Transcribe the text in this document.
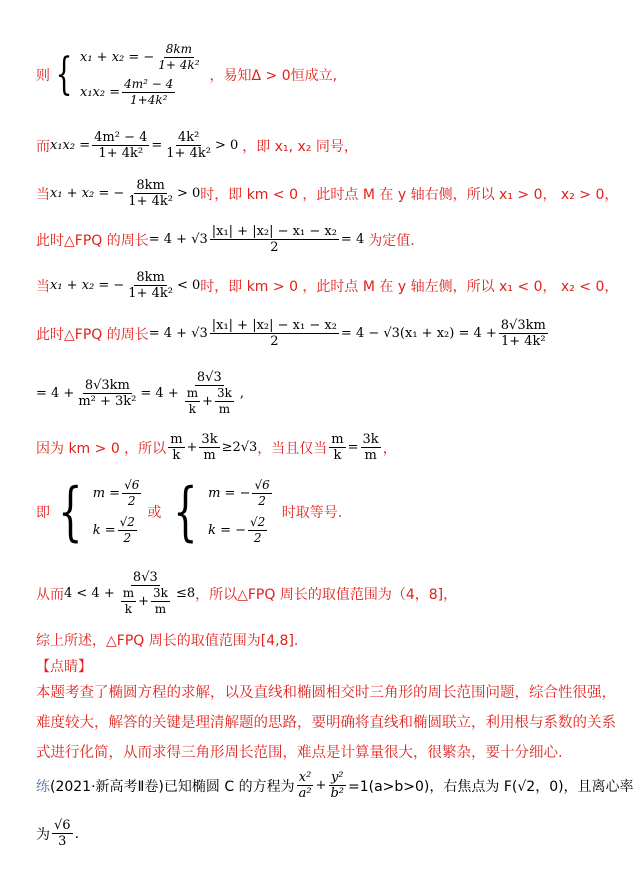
则 { x₁ + x₂ = − $\frac{8km}{\text{1+ 4k²}}$
$x_1x_2 = \frac{\text{4m² − 4}}{\text{1+4k²}}$
，易知Δ > 0恒成立,
而 $x_1x_2 = \frac{\text{4m² − 4}}{\text{1+ 4k²}} = \frac{\text{4k²}}{\text{1+ 4k²}} > 0$ ，即 x₁, x₂ 同号，
当 x₁ + x₂ = − $\frac{8km}{\text{1+ 4k²}} > 0$ 时，即 km < 0 ，此时点 M 在 y 轴右侧，所以 x₁ > 0， x₂ > 0，
此时△FPQ 的周长 = $4 + √3 \frac{\text{|x₁| + |x₂| − x₁ − x₂}}{2} = 4$ 为定值.
当 x₁ + x₂ = − $\frac{8km}{\text{1+ 4k²}} < 0$ 时，即 km > 0 ，此时点 M 在 y 轴左侧，所以 x₁ < 0， x₂ < 0，
此时△FPQ 的周长 = $4 + √3 \frac{\text{|x₁| + |x₂| − x₁ − x₂}}{2} = 4 - √3(x_1 + x_2) = 4 + \frac{8√3km}{\text{1+ 4k²}}$
= $4 + \frac{8√3km}{\text{m² + 3k²}} = 4 + \frac{8√3}{\frac{m}{k} + \frac{3k}{m}}$ ,
因为 km > 0 ，所以 $\frac{m}{k} + \frac{3k}{m} \ge 2√3$ ，当且仅当 $\frac{m}{k} = \frac{3k}{m}$ ，
即 { $m = \frac{√6}{2}$
$k = \frac{√2}{2}$
或 { m = − $\frac{√6}{2}$
k = − $\frac{√2}{2}$
时取等号.
从而 $4 < 4 + \frac{8√3}{\frac{m}{k} + \frac{3k}{m}} \le 8$ ，所以△FPQ 周长的取值范围为（4，8]，
综上所述，△FPQ 周长的取值范围为[4,8].
【点睛】
本题考查了椭圆方程的求解，以及直线和椭圆相交时三角形的周长范围问题，综合性很强，难度较大，解答的关键是理清解题的思路，要明确将直线和椭圆联立，利用根与系数的关系式进行化简，从而求得三角形周长范围，难点是计算量很大，很繁杂，要十分细心.
练 (2021·新高考Ⅱ卷)已知椭圆 C 的方程为 $\frac{\text{x²}}{\text{a²}} + \frac{\text{y²}}{\text{b²}} =1(a>b>0)$，右焦点为 F(√2，0)，且离心率
为 $\frac{√6}{3}$ .
